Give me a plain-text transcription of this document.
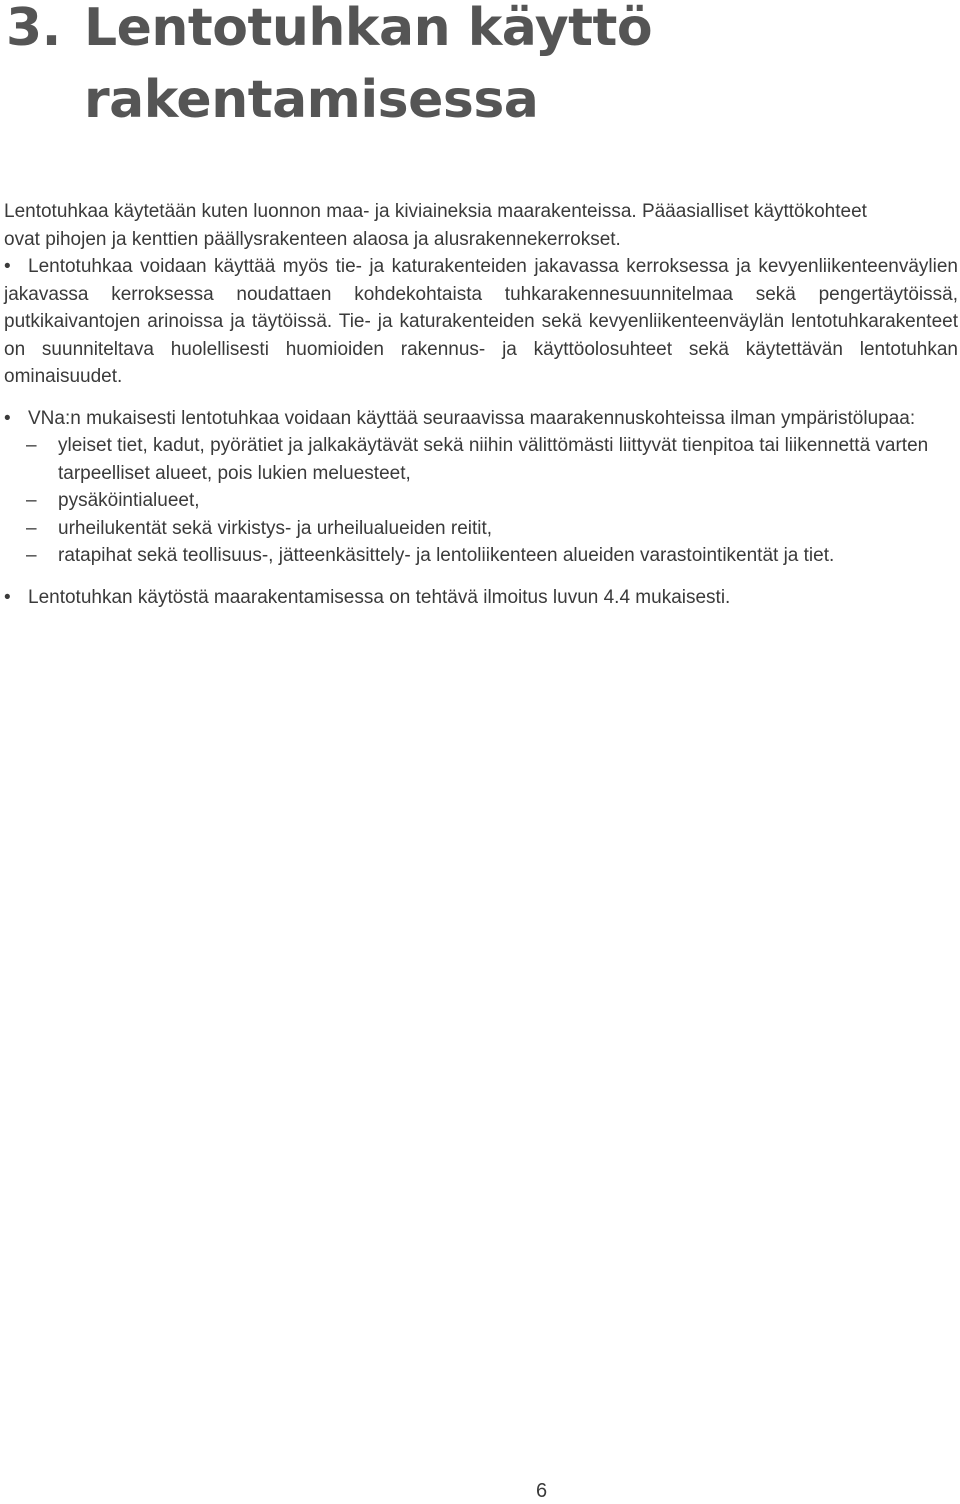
3. Lentotuhkan käyttö
rakentamisessa

Lentotuhkaa käytetään kuten luonnon maa- ja kiviaineksia maarakenteissa. Pääasialliset käyttökohteet
ovat pihojen ja kenttien päällysrakenteen alaosa ja alusrakennekerrokset.

• Lentotuhkaa voidaan käyttää myös tie- ja katurakenteiden jakavassa kerroksessa ja kevyenliikenteenväylien jakavassa kerroksessa noudattaen kohdekohtaista tuhkarakennesuunnitelmaa sekä pengertäytöissä, putkikaivantojen arinoissa ja täytöissä. Tie- ja katurakenteiden sekä kevyenliikenteenväylän lentotuhkarakenteet on suunniteltava huolellisesti huomioiden rakennus- ja käyttöolosuhteet sekä käytettävän lentotuhkan ominaisuudet.

• VNa:n mukaisesti lentotuhkaa voidaan käyttää seuraavissa maarakennuskohteissa ilman ympäristölupaa:

– yleiset tiet, kadut, pyörätiet ja jalkakäytävät sekä niihin välittömästi liittyvät tienpitoa tai liikennettä varten tarpeelliset alueet, pois lukien meluesteet,
– pysäköintialueet,
– urheilukentät sekä virkistys- ja urheilualueiden reitit,
– ratapihat sekä teollisuus-, jätteenkäsittely- ja lentoliikenteen alueiden varastointikentät ja tiet.

• Lentotuhkan käytöstä maarakentamisessa on tehtävä ilmoitus luvun 4.4 mukaisesti.

6
